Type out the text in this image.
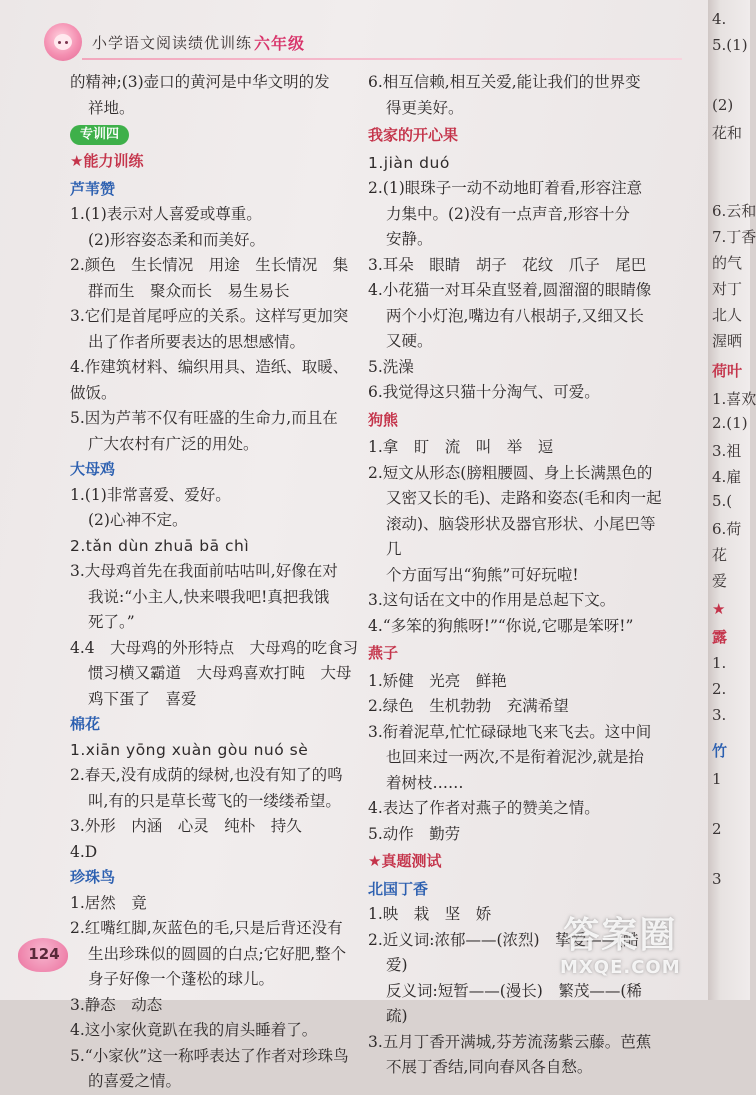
小学语文阅读绩优训练 六年级

的精神;(3)壶口的黄河是中华文明的发

祥地。

专训四
★能力训练
芦苇赞

1.(1)表示对人喜爱或尊重。

(2)形容姿态柔和而美好。

2.颜色　生长情况　用途　生长情况　集

群而生　聚众而长　易生易长

3.它们是首尾呼应的关系。这样写更加突

出了作者所要表达的思想感情。

4.作建筑材料、编织用具、造纸、取暖、做饭。

5.因为芦苇不仅有旺盛的生命力,而且在

广大农村有广泛的用处。

大母鸡

1.(1)非常喜爱、爱好。

(2)心神不定。

2.tǎn dùn zhuā bā chì

3.大母鸡首先在我面前咕咕叫,好像在对

我说:“小主人,快来喂我吧!真把我饿

死了。”

4.4　大母鸡的外形特点　大母鸡的吃食习

惯习横又霸道　大母鸡喜欢打盹　大母

鸡下蛋了　喜爱

棉花

1.xiān yōng xuàn gòu nuó sè

2.春天,没有成荫的绿树,也没有知了的鸣

叫,有的只是草长莺飞的一缕缕希望。

3.外形　内涵　心灵　纯朴　持久

4.D

珍珠鸟

1.居然　竟

2.红嘴红脚,灰蓝色的毛,只是后背还没有

生出珍珠似的圆圆的白点;它好肥,整个

身子好像一个蓬松的球儿。

3.静态　动态

4.这小家伙竟趴在我的肩头睡着了。

5.“小家伙”这一称呼表达了作者对珍珠鸟

的喜爱之情。

6.相互信赖,相互关爱,能让我们的世界变

得更美好。

我家的开心果

1.jiàn duó

2.(1)眼珠子一动不动地盯着看,形容注意

力集中。(2)没有一点声音,形容十分

安静。

3.耳朵　眼睛　胡子　花纹　爪子　尾巴

4.小花猫一对耳朵直竖着,圆溜溜的眼睛像

两个小灯泡,嘴边有八根胡子,又细又长

又硬。

5.洗澡

6.我觉得这只猫十分淘气、可爱。

狗熊

1.拿　盯　流　叫　举　逗

2.短文从形态(膀粗腰圆、身上长满黑色的

又密又长的毛)、走路和姿态(毛和肉一起

滚动)、脑袋形状及器官形状、小尾巴等几

个方面写出“狗熊”可好玩啦!

3.这句话在文中的作用是总起下文。

4.“多笨的狗熊呀!”“你说,它哪是笨呀!”

燕子

1.矫健　光亮　鲜艳

2.绿色　生机勃勃　充满希望

3.衔着泥草,忙忙碌碌地飞来飞去。这中间

也回来过一两次,不是衔着泥沙,就是抬

着树枝……

4.表达了作者对燕子的赞美之情。

5.动作　勤劳

★真题测试
北国丁香

1.映　栽　坚　娇

2.近义词:浓郁——(浓烈)　挚爱——(酷

爱)

反义词:短暂——(漫长)　繁茂——(稀

疏)

3.五月丁香开满城,芬芳流荡紫云藤。芭蕉

不展丁香结,同向春风各自愁。

124	答案圈
MXQE.COM
4.
5.(1)
(2)
花和
6.云和
7.丁香
的气
对丁
北人
渥晒
荷叶
1.喜欢
2.(1)
3.祖
4.雇
5.(
6.荷
花
爱
★
露
1.
2.
3.
竹
1
2
3
